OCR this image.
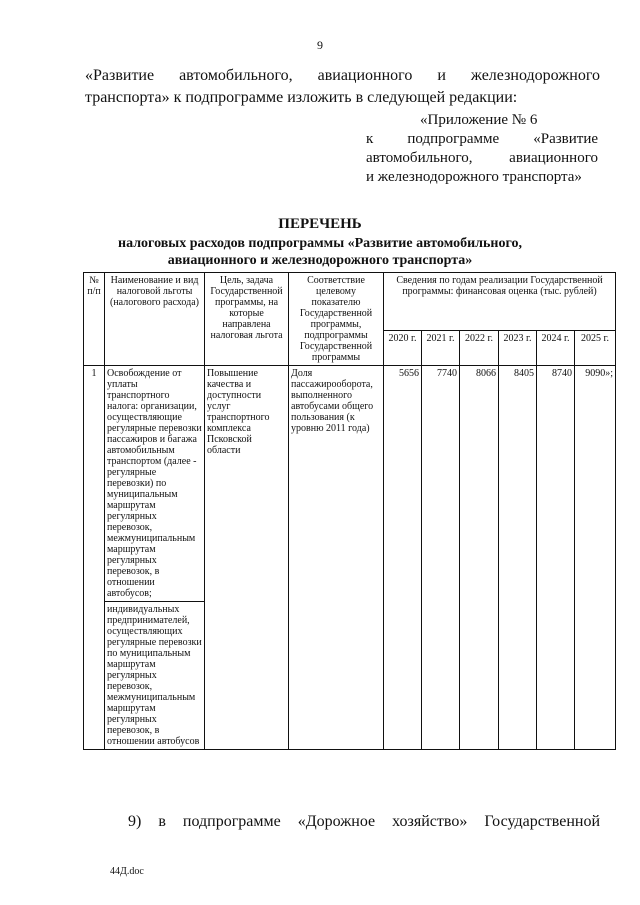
9
«Развитие автомобильного, авиационного и железнодорожного
транспорта» к подпрограмме изложить в следующей редакции:
«Приложение № 6
к подпрограмме «Развитие
автомобильного, авиационного
и железнодорожного транспорта»
ПЕРЕЧЕНЬ
налоговых расходов подпрограммы «Развитие автомобильного,
авиационного и железнодорожного транспорта»
№ п/п	Наименование и вид налоговой льготы (налогового расхода)	Цель, задача Государственной программы, на которые направлена налоговая льгота	Соответствие целевому показателю Государственной программы, подпрограммы Государственной программы	Сведения по годам реализации Государственной программы: финансовая оценка (тыс. рублей)					
				2020 г.	2021 г.	2022 г.	2023 г.	2024 г.	2025 г.
1	Освобождение от уплаты транспортного налога: организации, осуществляющие регулярные перевозки пассажиров и багажа автомобильным транспортом (далее - регулярные перевозки) по муниципальным маршрутам регулярных перевозок, межмуниципальным маршрутам регулярных перевозок, в отношении автобусов;	Повышение качества и доступности услуг транспортного комплекса Псковской области	Доля пассажирооборота, выполненного автобусами общего пользования (к уровню 2011 года)	5656	7740	8066	8405	8740	9090»;
	индивидуальных предпринимателей, осуществляющих регулярные перевозки по муниципальным маршрутам регулярных перевозок, межмуниципальным маршрутам регулярных перевозок, в отношении автобусов								
9) в подпрограмме «Дорожное хозяйство» Государственной
44Д.doc
